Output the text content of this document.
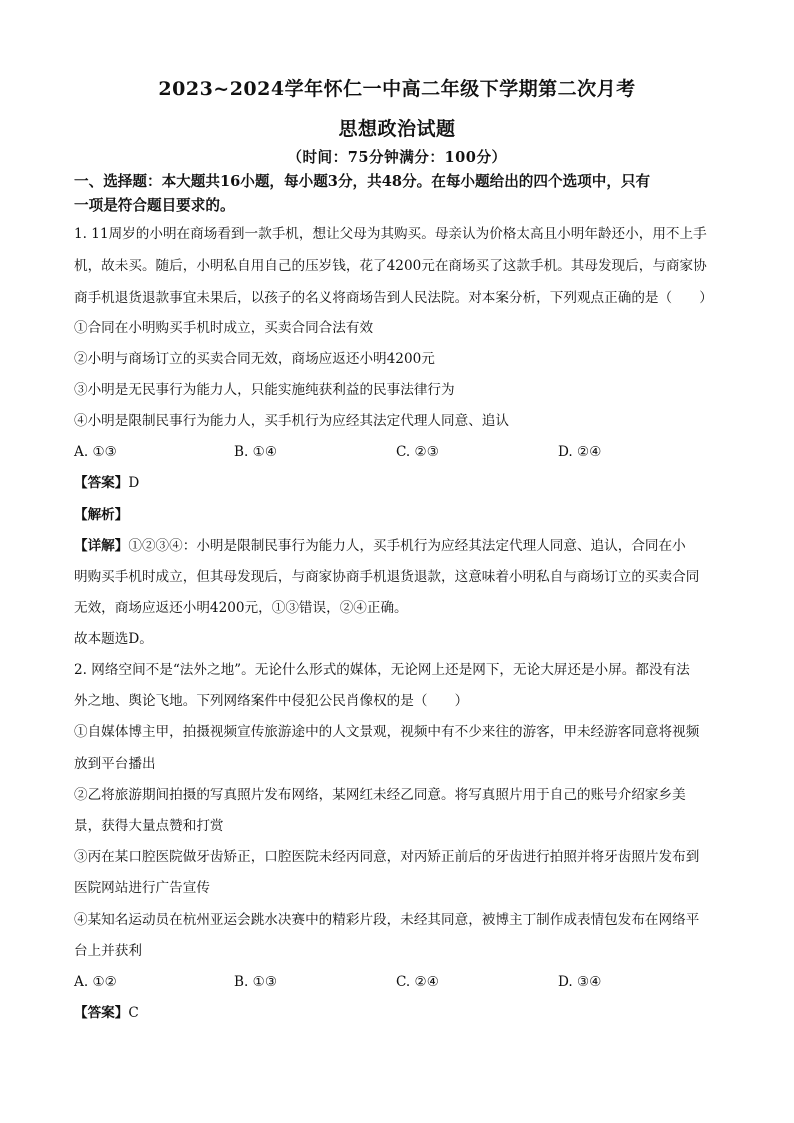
2023~2024学年怀仁一中高二年级下学期第二次月考
思想政治试题
（时间：75分钟满分：100分）
一、选择题：本大题共16小题，每小题3分，共48分。在每小题给出的四个选项中，只有
一项是符合题目要求的。
1. 11周岁的小明在商场看到一款手机，想让父母为其购买。母亲认为价格太高且小明年龄还小，用不上手
机，故未买。随后，小明私自用自己的压岁钱，花了4200元在商场买了这款手机。其母发现后，与商家协
商手机退货退款事宜未果后，以孩子的名义将商场告到人民法院。对本案分析，下列观点正确的是（　　）
①合同在小明购买手机时成立，买卖合同合法有效
②小明与商场订立的买卖合同无效，商场应返还小明4200元
③小明是无民事行为能力人，只能实施纯获利益的民事法律行为
④小明是限制民事行为能力人，买手机行为应经其法定代理人同意、追认
A. ①③	B. ①④	C. ②③	D. ②④
【答案】D
【解析】
【详解】①②③④：小明是限制民事行为能力人，买手机行为应经其法定代理人同意、追认，合同在小
明购买手机时成立，但其母发现后，与商家协商手机退货退款，这意味着小明私自与商场订立的买卖合同
无效，商场应返还小明4200元，①③错误，②④正确。
故本题选D。
2. 网络空间不是“法外之地”。无论什么形式的媒体，无论网上还是网下，无论大屏还是小屏。都没有法
外之地、舆论飞地。下列网络案件中侵犯公民肖像权的是（　　）
①自媒体博主甲，拍摄视频宣传旅游途中的人文景观，视频中有不少来往的游客，甲未经游客同意将视频
放到平台播出
②乙将旅游期间拍摄的写真照片发布网络，某网红未经乙同意。将写真照片用于自己的账号介绍家乡美
景，获得大量点赞和打赏
③丙在某口腔医院做牙齿矫正，口腔医院未经丙同意，对丙矫正前后的牙齿进行拍照并将牙齿照片发布到
医院网站进行广告宣传
④某知名运动员在杭州亚运会跳水决赛中的精彩片段，未经其同意，被博主丁制作成表情包发布在网络平
台上并获利
A. ①②	B. ①③	C. ②④	D. ③④
【答案】C
